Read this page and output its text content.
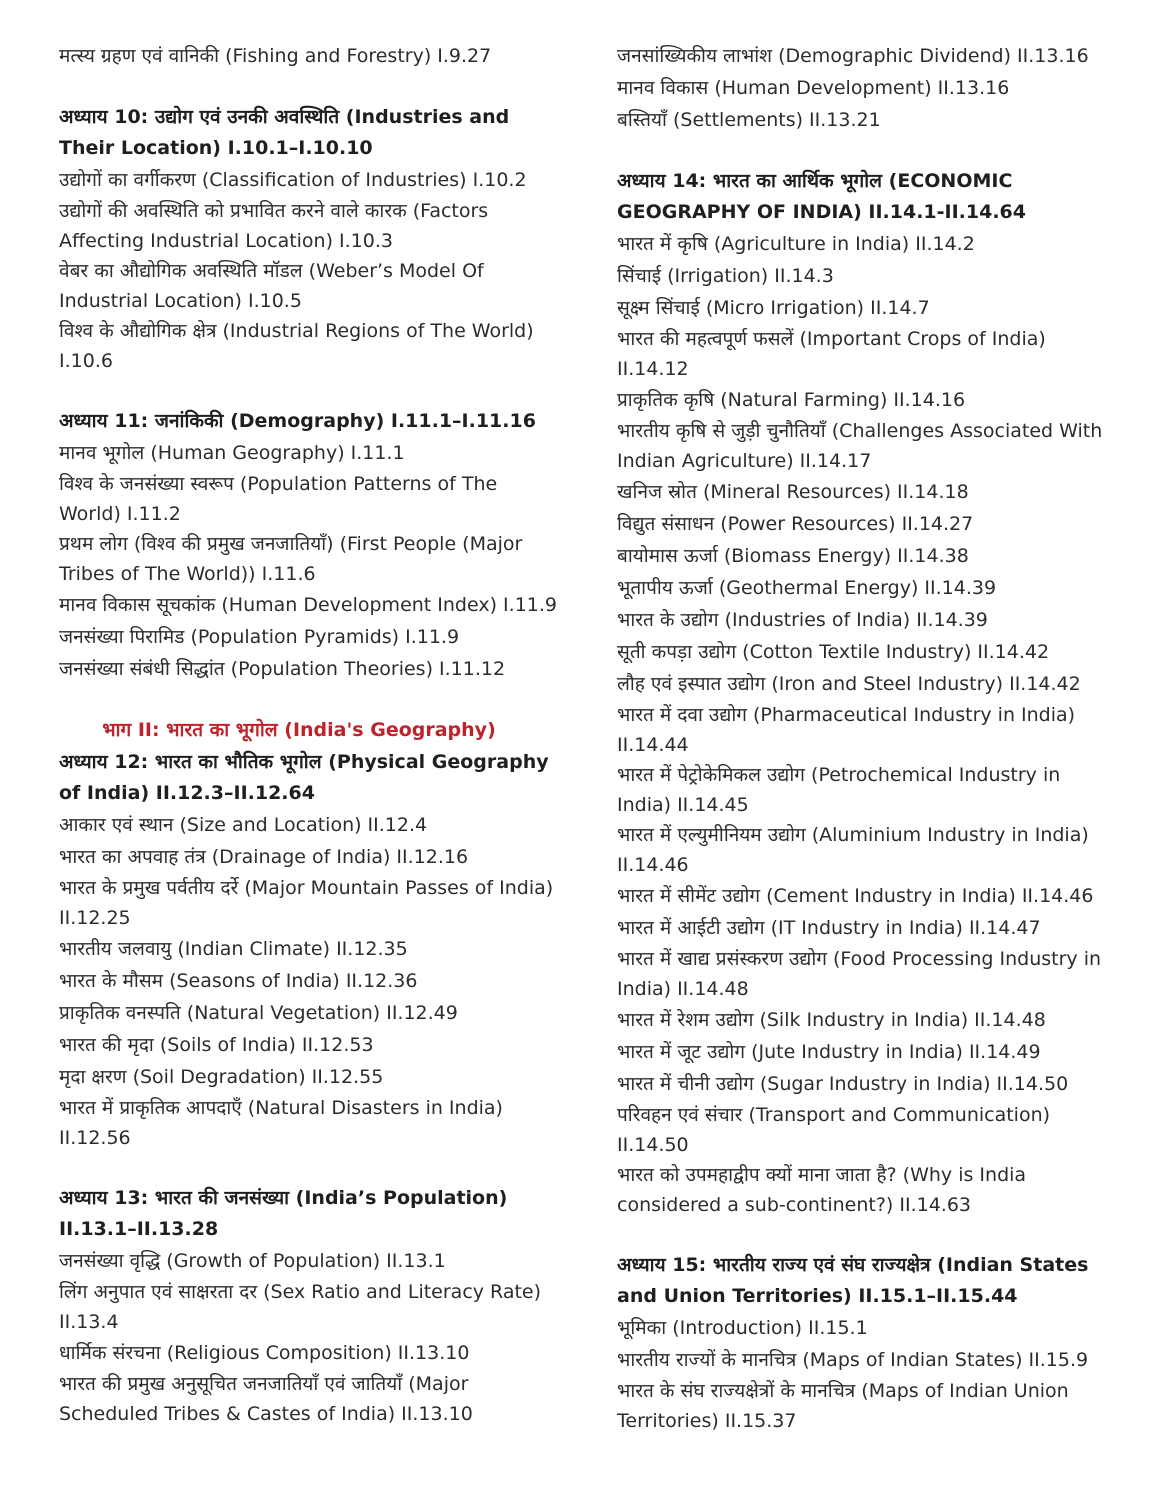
मत्स्य ग्रहण एवं वानिकी (Fishing and Forestry) I.9.27
अध्याय 10: उद्योग एवं उनकी अवस्थिति (Industries and Their Location) I.10.1–I.10.10
उद्योगों का वर्गीकरण (Classification of Industries) I.10.2
उद्योगों की अवस्थिति को प्रभावित करने वाले कारक (Factors Affecting Industrial Location) I.10.3
वेबर का औद्योगिक अवस्थिति मॉडल (Weber’s Model Of Industrial Location) I.10.5
विश्व के औद्योगिक क्षेत्र (Industrial Regions of The World) I.10.6
अध्याय 11: जनांकिकी (Demography) I.11.1–I.11.16
मानव भूगोल (Human Geography) I.11.1
विश्व के जनसंख्या स्वरूप (Population Patterns of The World) I.11.2
प्रथम लोग (विश्व की प्रमुख जनजातियाँ) (First People (Major Tribes of The World)) I.11.6
मानव विकास सूचकांक (Human Development Index) I.11.9
जनसंख्या पिरामिड (Population Pyramids) I.11.9
जनसंख्या संबंधी सिद्धांत (Population Theories) I.11.12
भाग II: भारत का भूगोल (India's Geography)
अध्याय 12: भारत का भौतिक भूगोल (Physical Geography of India) II.12.3–II.12.64
आकार एवं स्थान (Size and Location) II.12.4
भारत का अपवाह तंत्र (Drainage of India) II.12.16
भारत के प्रमुख पर्वतीय दर्रे (Major Mountain Passes of India) II.12.25
भारतीय जलवायु (Indian Climate) II.12.35
भारत के मौसम (Seasons of India) II.12.36
प्राकृतिक वनस्पति (Natural Vegetation) II.12.49
भारत की मृदा (Soils of India) II.12.53
मृदा क्षरण (Soil Degradation) II.12.55
भारत में प्राकृतिक आपदाएँ (Natural Disasters in India) II.12.56
अध्याय 13: भारत की जनसंख्या (India’s Population) II.13.1–II.13.28
जनसंख्या वृद्धि (Growth of Population) II.13.1
लिंग अनुपात एवं साक्षरता दर (Sex Ratio and Literacy Rate) II.13.4
धार्मिक संरचना (Religious Composition) II.13.10
भारत की प्रमुख अनुसूचित जनजातियाँ एवं जातियाँ (Major Scheduled Tribes & Castes of India) II.13.10
जनसांख्यिकीय लाभांश (Demographic Dividend) II.13.16
मानव विकास (Human Development) II.13.16
बस्तियाँ (Settlements) II.13.21
अध्याय 14: भारत का आर्थिक भूगोल (ECONOMIC GEOGRAPHY OF INDIA) II.14.1-II.14.64
भारत में कृषि (Agriculture in India) II.14.2
सिंचाई (Irrigation) II.14.3
सूक्ष्म सिंचाई (Micro Irrigation) II.14.7
भारत की महत्वपूर्ण फसलें (Important Crops of India) II.14.12
प्राकृतिक कृषि (Natural Farming) II.14.16
भारतीय कृषि से जुड़ी चुनौतियाँ (Challenges Associated With Indian Agriculture) II.14.17
खनिज स्रोत (Mineral Resources) II.14.18
विद्युत संसाधन (Power Resources) II.14.27
बायोमास ऊर्जा (Biomass Energy) II.14.38
भूतापीय ऊर्जा (Geothermal Energy) II.14.39
भारत के उद्योग (Industries of India) II.14.39
सूती कपड़ा उद्योग (Cotton Textile Industry) II.14.42
लौह एवं इस्पात उद्योग (Iron and Steel Industry) II.14.42
भारत में दवा उद्योग (Pharmaceutical Industry in India) II.14.44
भारत में पेट्रोकेमिकल उद्योग (Petrochemical Industry in India) II.14.45
भारत में एल्युमीनियम उद्योग (Aluminium Industry in India) II.14.46
भारत में सीमेंट उद्योग (Cement Industry in India) II.14.46
भारत में आईटी उद्योग (IT Industry in India) II.14.47
भारत में खाद्य प्रसंस्करण उद्योग (Food Processing Industry in India) II.14.48
भारत में रेशम उद्योग (Silk Industry in India) II.14.48
भारत में जूट उद्योग (Jute Industry in India) II.14.49
भारत में चीनी उद्योग (Sugar Industry in India) II.14.50
परिवहन एवं संचार (Transport and Communication) II.14.50
भारत को उपमहाद्वीप क्यों माना जाता है? (Why is India considered a sub-continent?) II.14.63
अध्याय 15: भारतीय राज्य एवं संघ राज्यक्षेत्र (Indian States and Union Territories) II.15.1–II.15.44
भूमिका (Introduction) II.15.1
भारतीय राज्यों के मानचित्र (Maps of Indian States) II.15.9
भारत के संघ राज्यक्षेत्रों के मानचित्र (Maps of Indian Union Territories) II.15.37
